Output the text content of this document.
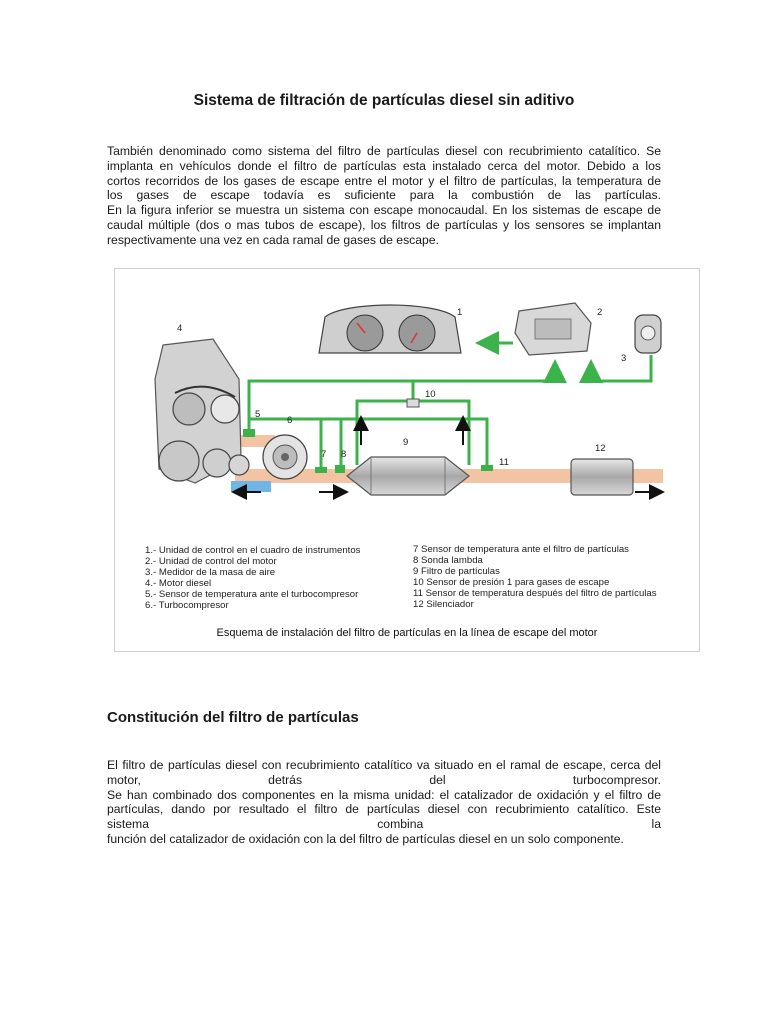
Sistema de filtración de partículas diesel sin aditivo
También denominado como sistema del filtro de partículas diesel con recubrimiento catalítico. Se
implanta en vehículos donde el filtro de partículas esta instalado cerca del motor. Debido a los
cortos recorridos de los gases de escape entre el motor y el filtro de partículas, la temperatura de
los gases de escape todavía es suficiente para la combustión de las partículas.
En la figura inferior se muestra un sistema con escape monocaudal. En los sistemas de escape de
caudal múltiple (dos o mas tubos de escape), los filtros de partículas y los sensores se implantan
respectivamente una vez en cada ramal de gases de escape.
1	2
3
4
5
6
7 8
9
10
11
12
1.- Unidad de control en el cuadro de instrumentos
2.- Unidad de control del motor
3.- Medidor de la masa de aire
4.- Motor diesel
5.- Sensor de temperatura ante el turbocompresor
6.- Turbocompresor
7 Sensor de temperatura ante el filtro de partículas
8 Sonda lambda
9 Filtro de partículas
10 Sensor de presión 1 para gases de escape
11 Sensor de temperatura después del filtro de partículas
12 Silenciador
Esquema de instalación del filtro de partículas en la línea de escape del motor
Constitución del filtro de partículas
El filtro de partículas diesel con recubrimiento catalítico va situado en el ramal de escape, cerca del
motor, detrás del turbocompresor.
Se han combinado dos componentes en la misma unidad: el catalizador de oxidación y el filtro de
partículas, dando por resultado el filtro de partículas diesel con recubrimiento catalítico. Este
sistema combina la
función del catalizador de oxidación con la del filtro de partículas diesel en un solo componente.
